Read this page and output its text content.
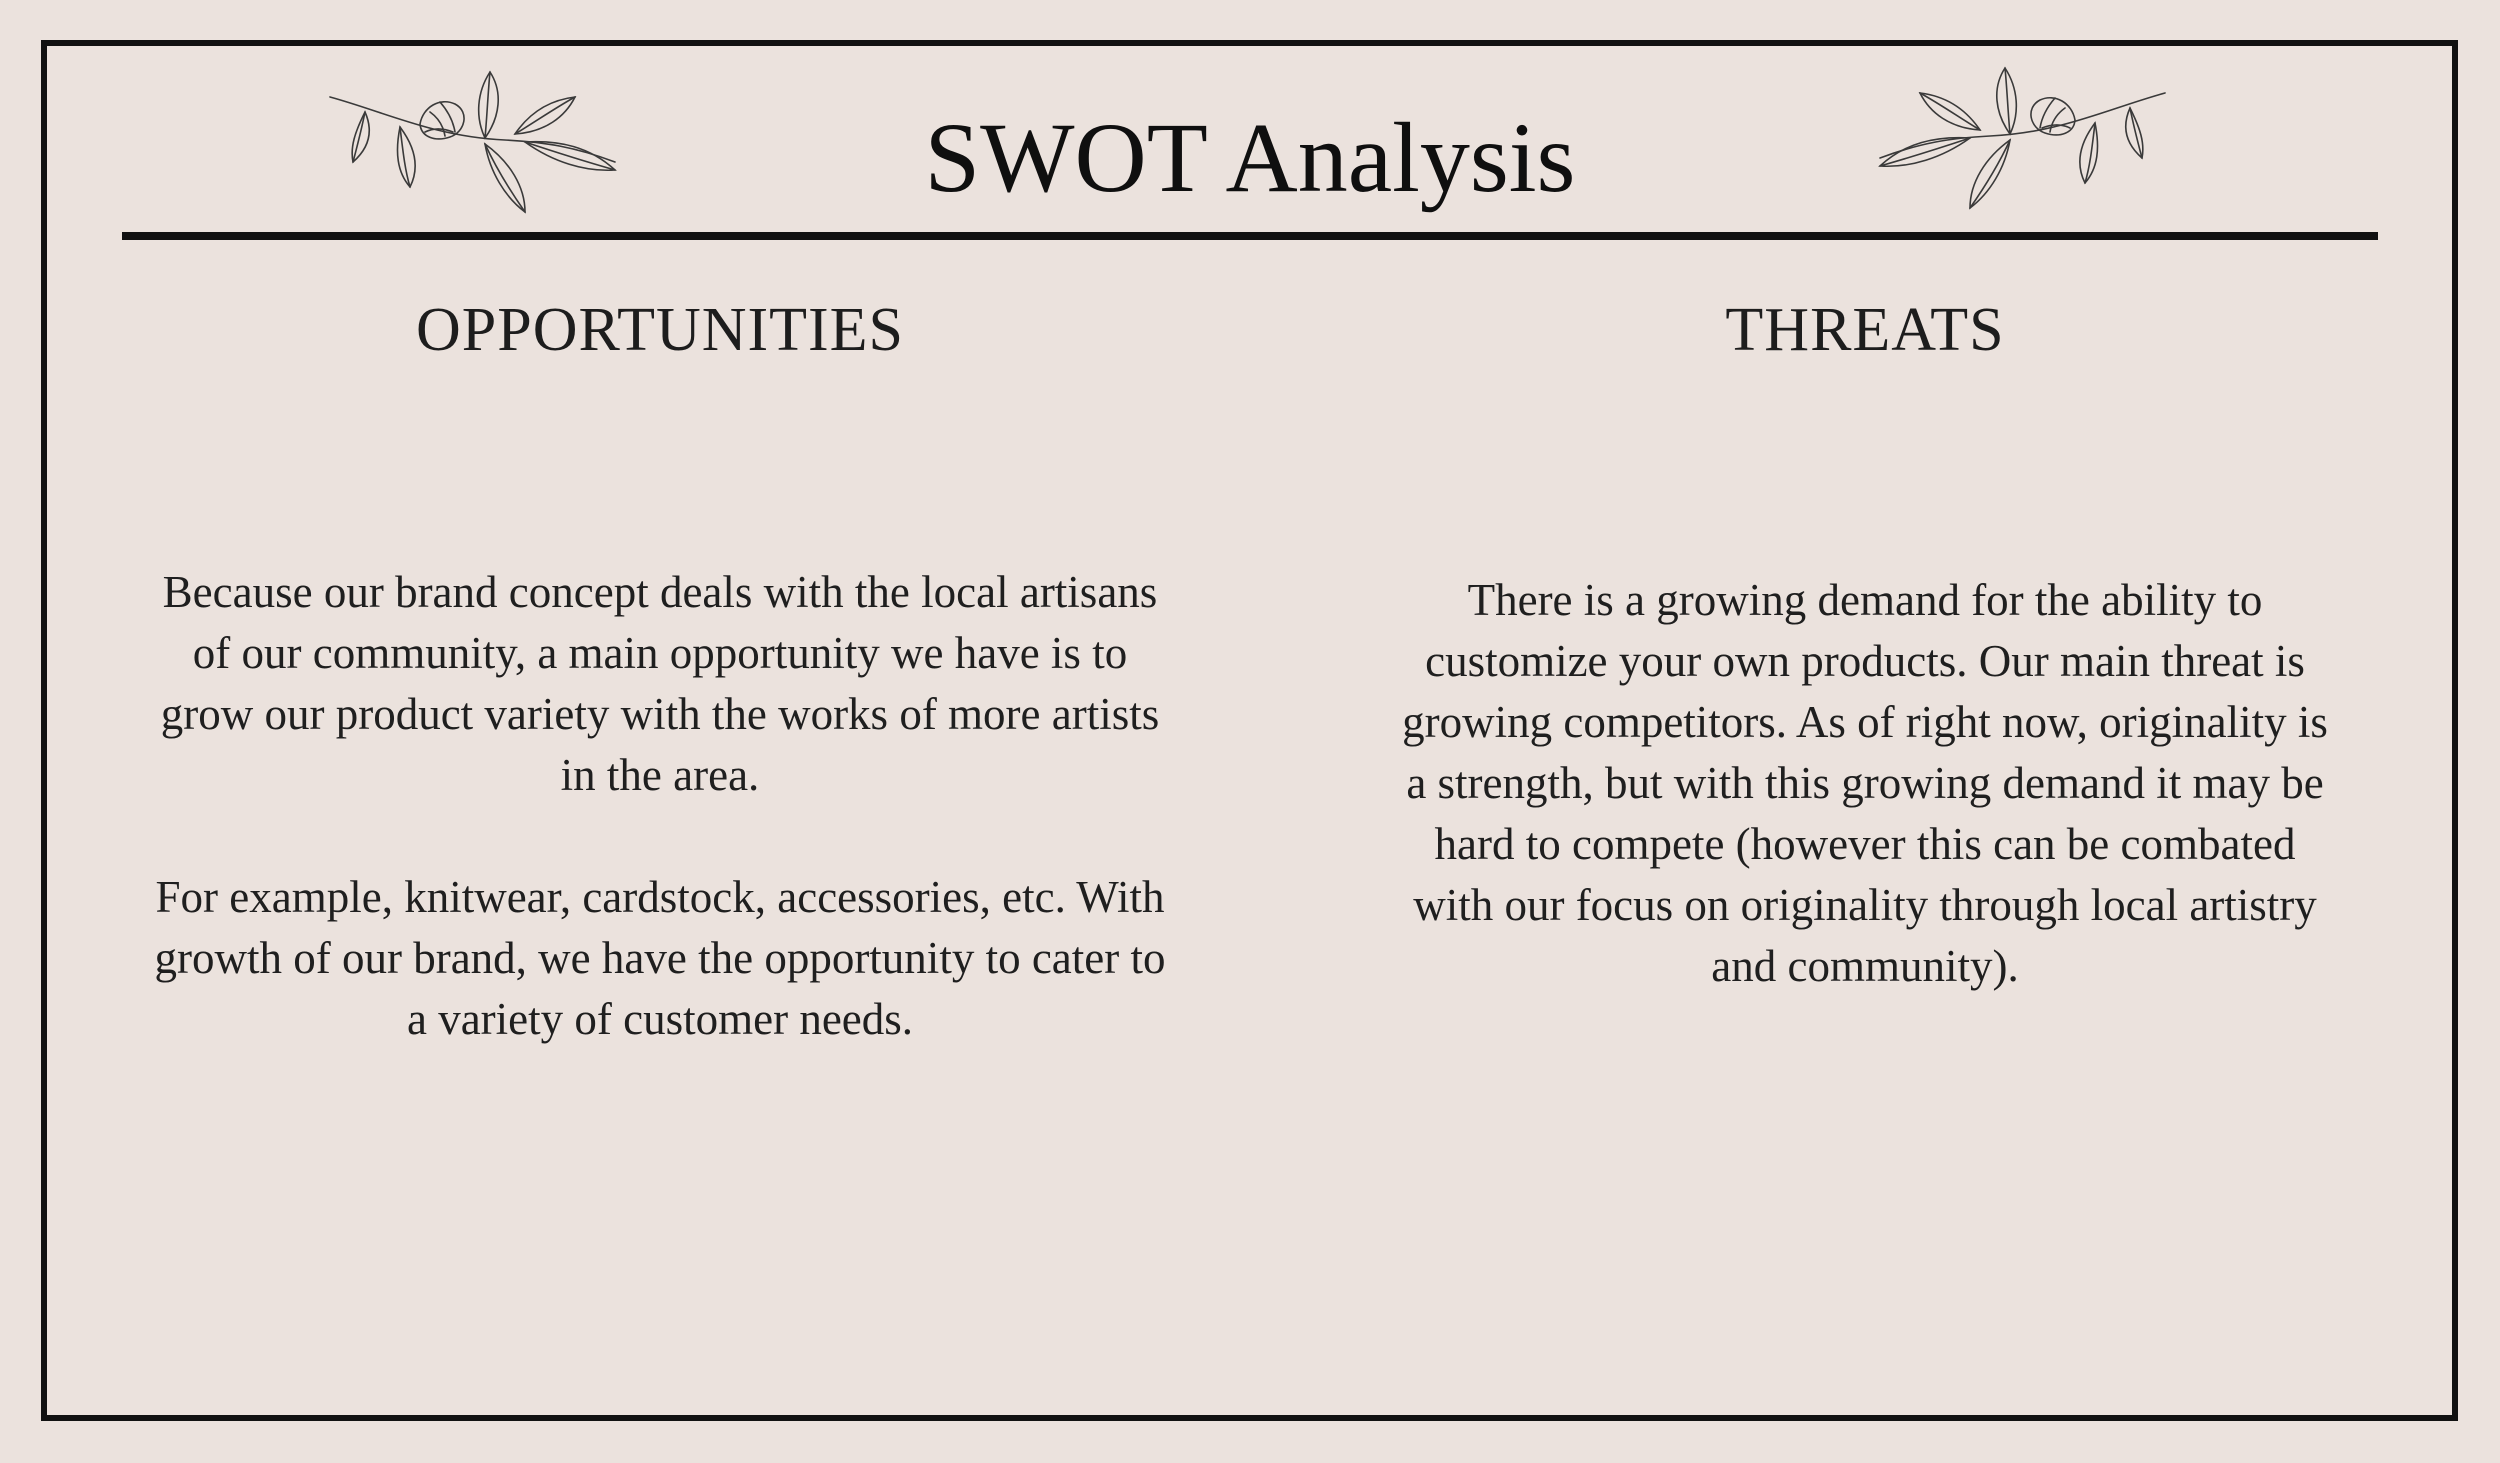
SWOT Analysis
OPPORTUNITIES	THREATS

Because our brand concept deals with the local artisans of our community, a main opportunity we have is to grow our product variety with the works of more artists in the area.

For example, knitwear, cardstock, accessories, etc. With growth of our brand, we have the opportunity to cater to a variety of customer needs.

There is a growing demand for the ability to customize your own products. Our main threat is growing competitors. As of right now, originality is a strength, but with this growing demand it may be hard to compete (however this can be combated with our focus on originality through local artistry and community).
